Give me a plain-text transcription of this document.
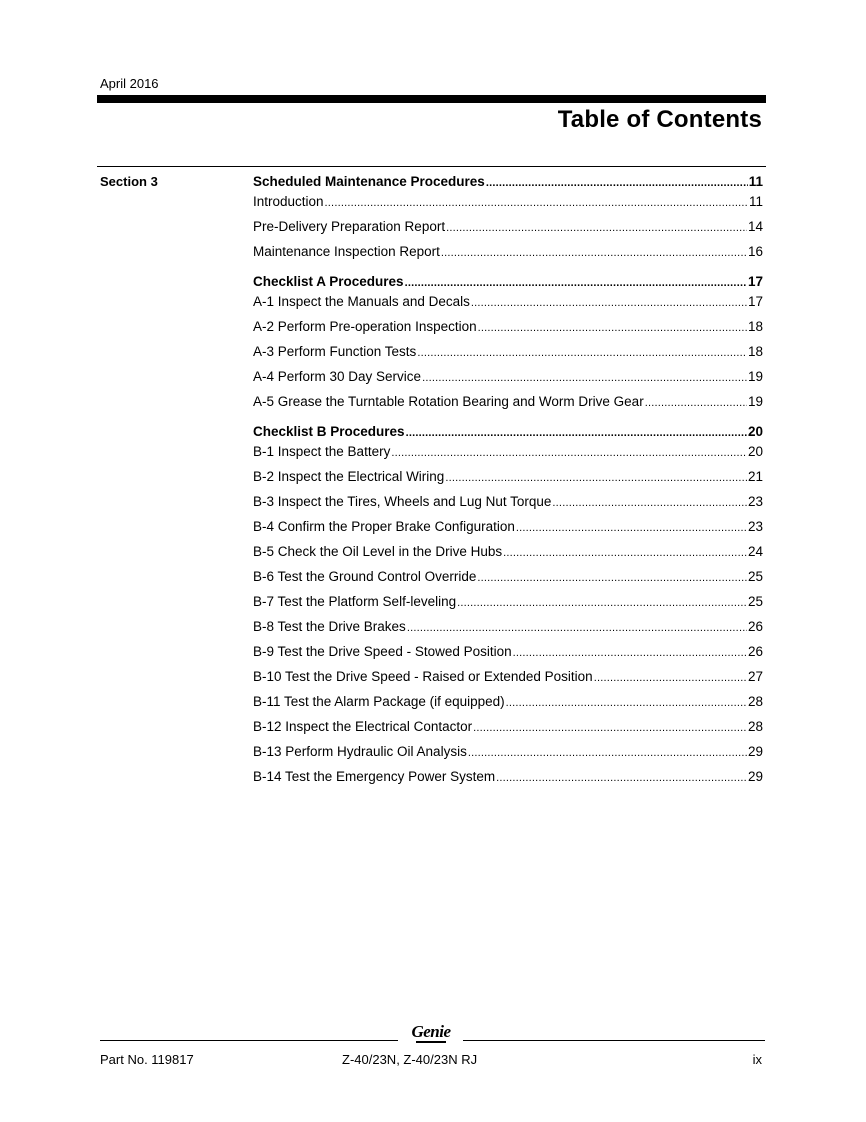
April 2016
Table of Contents
Section 3	Scheduled Maintenance Procedures .....	11
Introduction .....	11
Pre-Delivery Preparation Report .....	14
Maintenance Inspection Report .....	16
Checklist A Procedures .....	17
A-1 Inspect the Manuals and Decals .....	17
A-2 Perform Pre-operation Inspection .....	18
A-3 Perform Function Tests .....	18
A-4 Perform 30 Day Service .....	19
A-5 Grease the Turntable Rotation Bearing and Worm Drive Gear .....	19
Checklist B Procedures .....	20
B-1 Inspect the Battery .....	20
B-2 Inspect the Electrical Wiring .....	21
B-3 Inspect the Tires, Wheels and Lug Nut Torque .....	23
B-4 Confirm the Proper Brake Configuration .....	23
B-5 Check the Oil Level in the Drive Hubs .....	24
B-6 Test the Ground Control Override .....	25
B-7 Test the Platform Self-leveling .....	25
B-8 Test the Drive Brakes .....	26
B-9 Test the Drive Speed - Stowed Position .....	26
B-10 Test the Drive Speed - Raised or Extended Position .....	27
B-11 Test the Alarm Package (if equipped) .....	28
B-12 Inspect the Electrical Contactor .....	28
B-13 Perform Hydraulic Oil Analysis .....	29
B-14 Test the Emergency Power System .....	29
Genie
Part No. 119817	Z-40/23N, Z-40/23N RJ	ix
